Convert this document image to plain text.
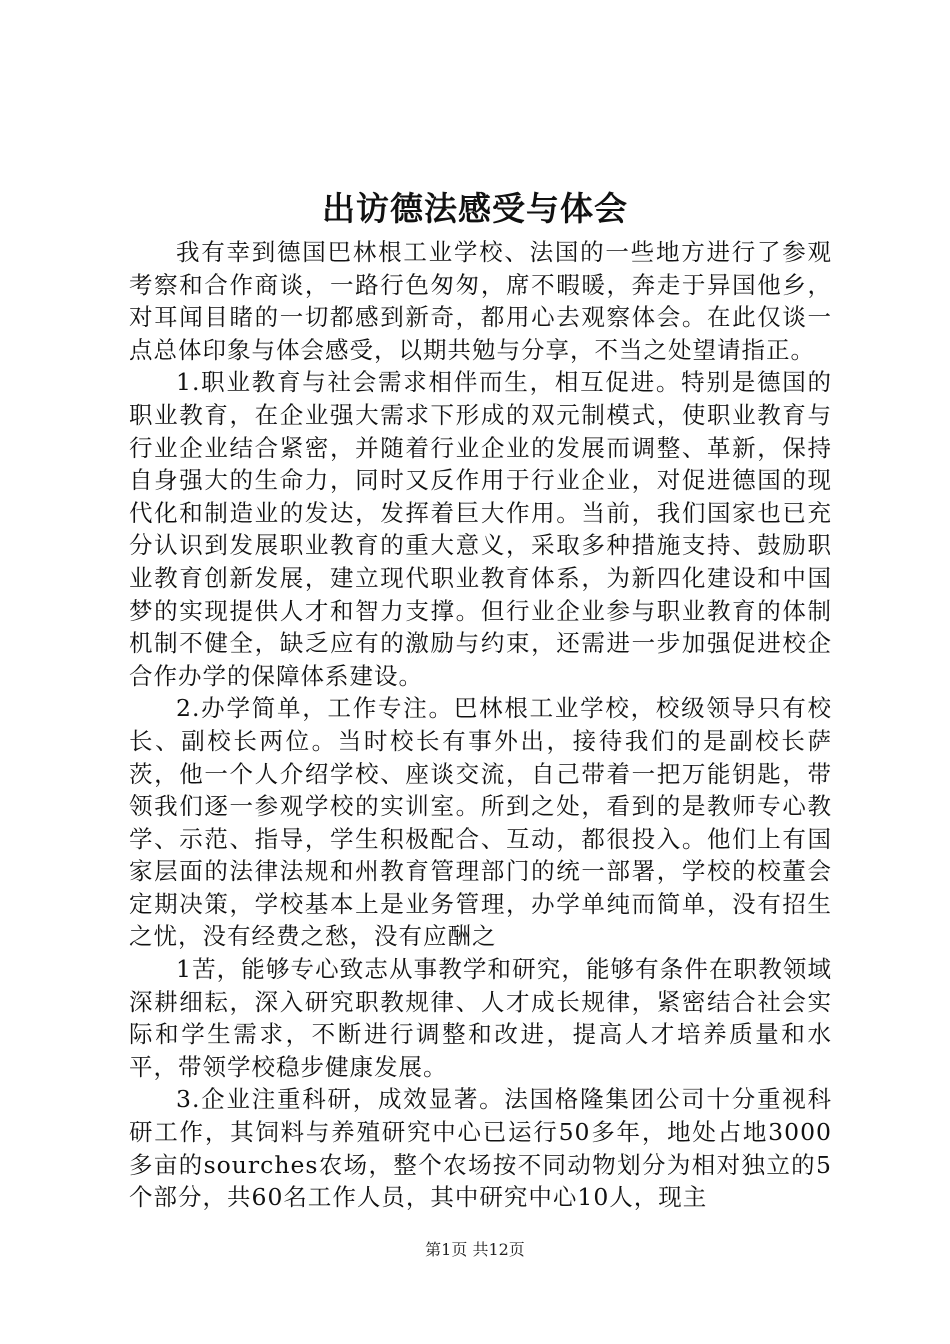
出访德法感受与体会

我有幸到德国巴林根工业学校、法国的一些地方进行了参观考察和合作商谈，一路行色匆匆，席不暇暖，奔走于异国他乡，对耳闻目睹的一切都感到新奇，都用心去观察体会。在此仅谈一点总体印象与体会感受，以期共勉与分享，不当之处望请指正。

1.职业教育与社会需求相伴而生，相互促进。特别是德国的职业教育，在企业强大需求下形成的双元制模式，使职业教育与行业企业结合紧密，并随着行业企业的发展而调整、革新，保持自身强大的生命力，同时又反作用于行业企业，对促进德国的现代化和制造业的发达，发挥着巨大作用。当前，我们国家也已充分认识到发展职业教育的重大意义，采取多种措施支持、鼓励职业教育创新发展，建立现代职业教育体系，为新四化建设和中国梦的实现提供人才和智力支撑。但行业企业参与职业教育的体制机制不健全，缺乏应有的激励与约束，还需进一步加强促进校企合作办学的保障体系建设。

2.办学简单，工作专注。巴林根工业学校，校级领导只有校长、副校长两位。当时校长有事外出，接待我们的是副校长萨茨，他一个人介绍学校、座谈交流，自己带着一把万能钥匙，带领我们逐一参观学校的实训室。所到之处，看到的是教师专心教学、示范、指导，学生积极配合、互动，都很投入。他们上有国家层面的法律法规和州教育管理部门的统一部署，学校的校董会定期决策，学校基本上是业务管理，办学单纯而简单，没有招生之忧，没有经费之愁，没有应酬之

1苦，能够专心致志从事教学和研究，能够有条件在职教领域深耕细耘，深入研究职教规律、人才成长规律，紧密结合社会实际和学生需求，不断进行调整和改进，提高人才培养质量和水平，带领学校稳步健康发展。

3.企业注重科研，成效显著。法国格隆集团公司十分重视科研工作，其饲料与养殖研究中心已运行50多年，地处占地3000多亩的sourches农场，整个农场按不同动物划分为相对独立的5个部分，共60名工作人员，其中研究中心10人，现主

第1页 共12页
